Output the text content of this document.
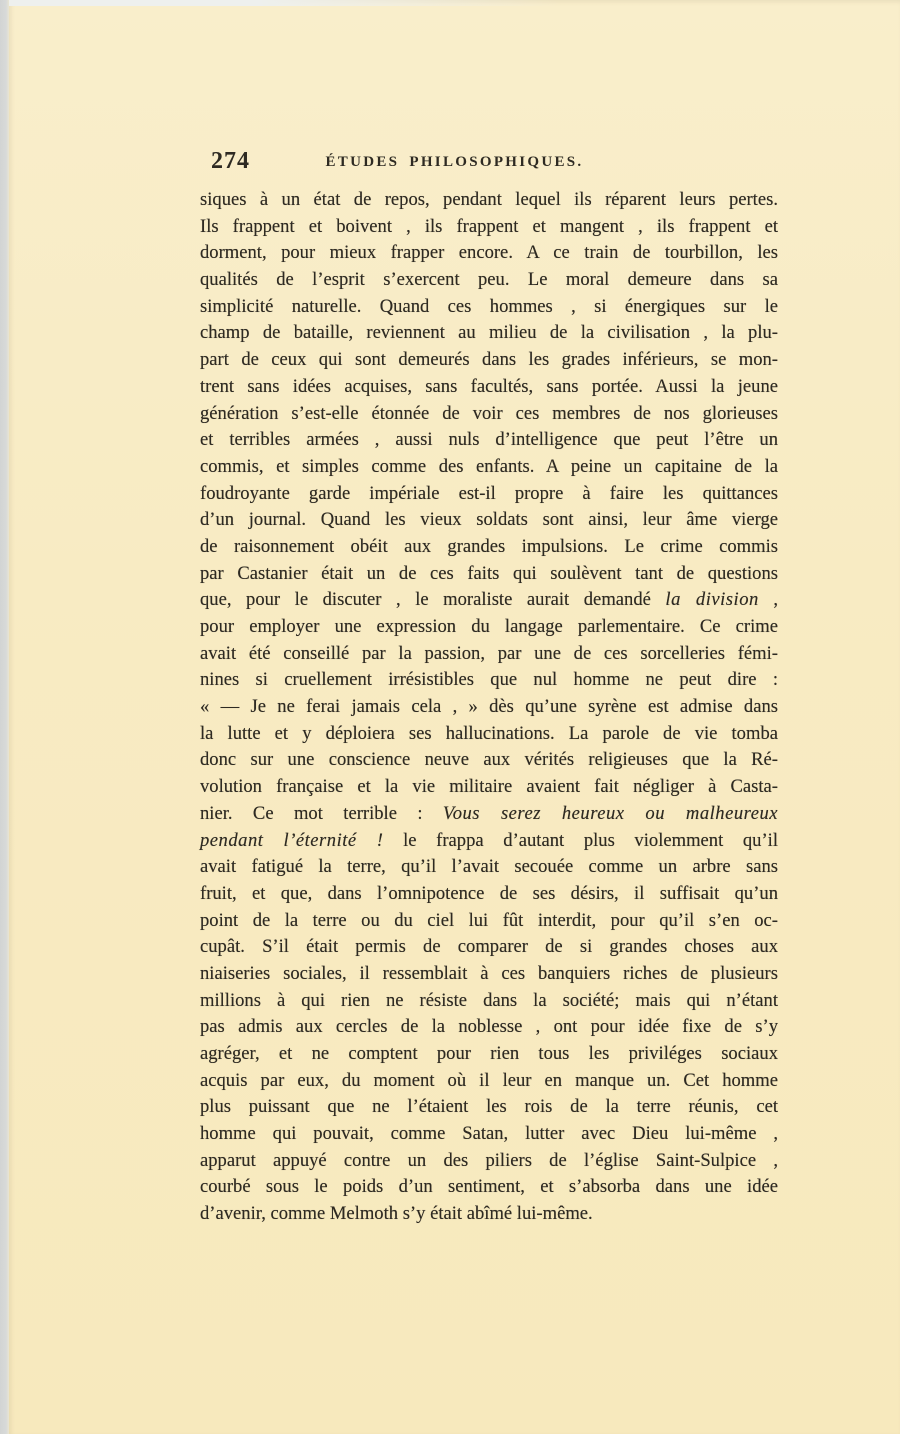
274	ÉTUDES PHILOSOPHIQUES.
siques à un état de repos, pendant lequel ils réparent leurs pertes.
Ils frappent et boivent , ils frappent et mangent , ils frappent et
dorment, pour mieux frapper encore. A ce train de tourbillon, les
qualités de l’esprit s’exercent peu. Le moral demeure dans sa
simplicité naturelle. Quand ces hommes , si énergiques sur le
champ de bataille, reviennent au milieu de la civilisation , la plu-
part de ceux qui sont demeurés dans les grades inférieurs, se mon-
trent sans idées acquises, sans facultés, sans portée. Aussi la jeune
génération s’est-elle étonnée de voir ces membres de nos glorieuses
et terribles armées , aussi nuls d’intelligence que peut l’être un
commis, et simples comme des enfants. A peine un capitaine de la
foudroyante garde impériale est-il propre à faire les quittances
d’un journal. Quand les vieux soldats sont ainsi, leur âme vierge
de raisonnement obéit aux grandes impulsions. Le crime commis
par Castanier était un de ces faits qui soulèvent tant de questions
que, pour le discuter , le moraliste aurait demandé la division ,
pour employer une expression du langage parlementaire. Ce crime
avait été conseillé par la passion, par une de ces sorcelleries fémi-
nines si cruellement irrésistibles que nul homme ne peut dire :
« — Je ne ferai jamais cela , » dès qu’une syrène est admise dans
la lutte et y déploiera ses hallucinations. La parole de vie tomba
donc sur une conscience neuve aux vérités religieuses que la Ré-
volution française et la vie militaire avaient fait négliger à Casta-
nier. Ce mot terrible : Vous serez heureux ou malheureux
pendant l’éternité ! le frappa d’autant plus violemment qu’il
avait fatigué la terre, qu’il l’avait secouée comme un arbre sans
fruit, et que, dans l’omnipotence de ses désirs, il suffisait qu’un
point de la terre ou du ciel lui fût interdit, pour qu’il s’en oc-
cupât. S’il était permis de comparer de si grandes choses aux
niaiseries sociales, il ressemblait à ces banquiers riches de plusieurs
millions à qui rien ne résiste dans la société; mais qui n’étant
pas admis aux cercles de la noblesse , ont pour idée fixe de s’y
agréger, et ne comptent pour rien tous les priviléges sociaux
acquis par eux, du moment où il leur en manque un. Cet homme
plus puissant que ne l’étaient les rois de la terre réunis, cet
homme qui pouvait, comme Satan, lutter avec Dieu lui-même ,
apparut appuyé contre un des piliers de l’église Saint-Sulpice ,
courbé sous le poids d’un sentiment, et s’absorba dans une idée
d’avenir, comme Melmoth s’y était abîmé lui-même.
